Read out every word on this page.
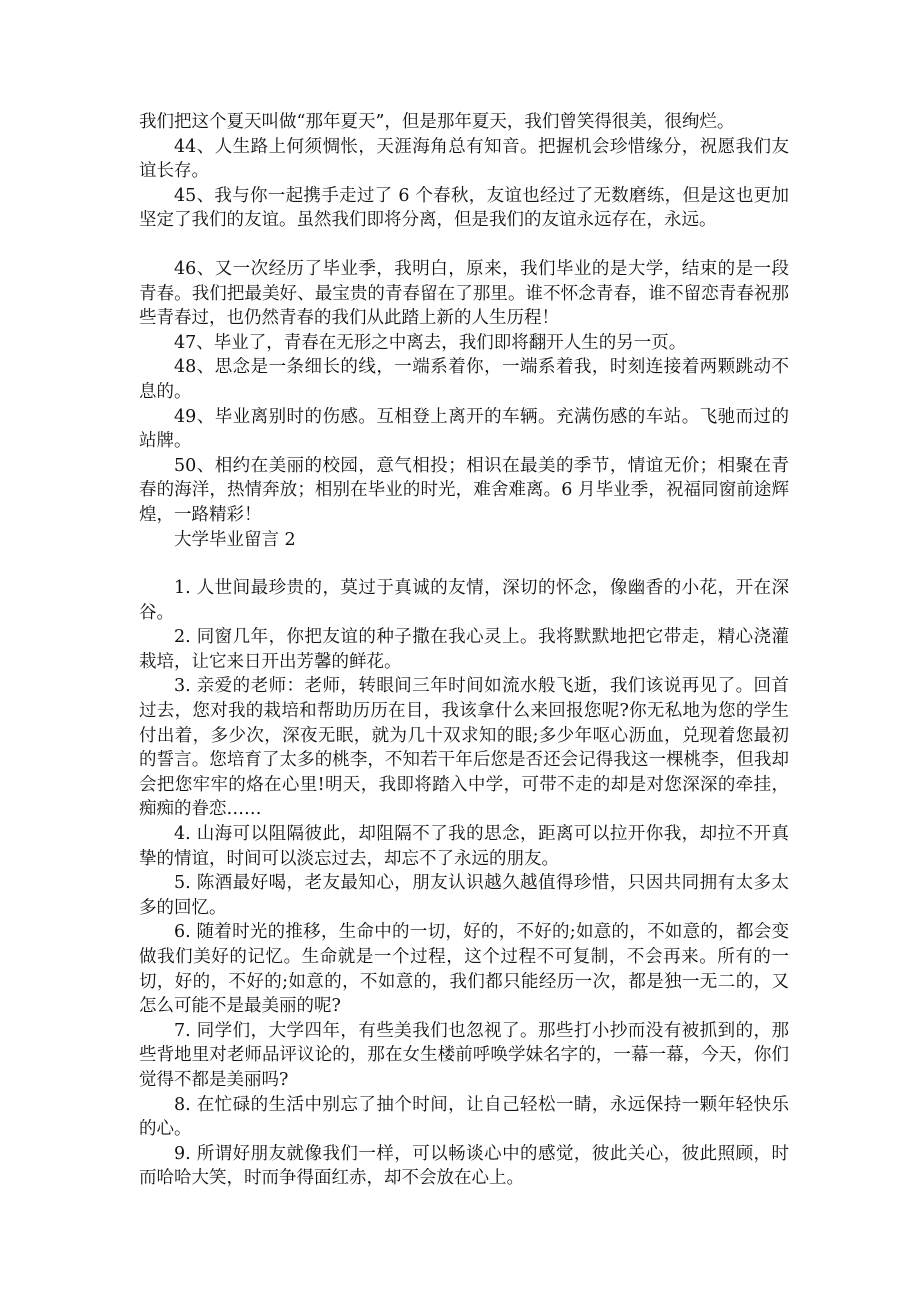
我们把这个夏天叫做“那年夏天”，但是那年夏天，我们曾笑得很美，很绚烂。

44、人生路上何须惆怅，天涯海角总有知音。把握机会珍惜缘分，祝愿我们友谊长存。

45、我与你一起携手走过了 6 个春秋，友谊也经过了无数磨练，但是这也更加坚定了我们的友谊。虽然我们即将分离，但是我们的友谊永远存在，永远。

46、又一次经历了毕业季，我明白，原来，我们毕业的是大学，结束的是一段青春。我们把最美好、最宝贵的青春留在了那里。谁不怀念青春，谁不留恋青春祝那些青春过，也仍然青春的我们从此踏上新的人生历程！

47、毕业了，青春在无形之中离去，我们即将翻开人生的另一页。

48、思念是一条细长的线，一端系着你，一端系着我，时刻连接着两颗跳动不息的。

49、毕业离别时的伤感。互相登上离开的车辆。充满伤感的车站。飞驰而过的站牌。

50、相约在美丽的校园，意气相投；相识在最美的季节，情谊无价；相聚在青春的海洋，热情奔放；相别在毕业的时光，难舍难离。6 月毕业季，祝福同窗前途辉煌，一路精彩！

大学毕业留言 2

1. 人世间最珍贵的，莫过于真诚的友情，深切的怀念，像幽香的小花，开在深谷。

2. 同窗几年，你把友谊的种子撒在我心灵上。我将默默地把它带走，精心浇灌栽培，让它来日开出芳馨的鲜花。

3. 亲爱的老师：老师，转眼间三年时间如流水般飞逝，我们该说再见了。回首过去，您对我的栽培和帮助历历在目，我该拿什么来回报您呢?你无私地为您的学生付出着，多少次，深夜无眠，就为几十双求知的眼;多少年呕心沥血，兑现着您最初的誓言。您培育了太多的桃李，不知若干年后您是否还会记得我这一棵桃李，但我却会把您牢牢的烙在心里!明天，我即将踏入中学，可带不走的却是对您深深的牵挂，痴痴的眷恋……

4. 山海可以阻隔彼此，却阻隔不了我的思念，距离可以拉开你我，却拉不开真挚的情谊，时间可以淡忘过去，却忘不了永远的朋友。

5. 陈酒最好喝，老友最知心，朋友认识越久越值得珍惜，只因共同拥有太多太多的回忆。

6. 随着时光的推移，生命中的一切，好的，不好的;如意的，不如意的，都会变做我们美好的记忆。生命就是一个过程，这个过程不可复制，不会再来。所有的一切，好的，不好的;如意的，不如意的，我们都只能经历一次，都是独一无二的，又怎么可能不是最美丽的呢?

7. 同学们，大学四年，有些美我们也忽视了。那些打小抄而没有被抓到的，那些背地里对老师品评议论的，那在女生楼前呼唤学妹名字的，一幕一幕，今天，你们觉得不都是美丽吗?

8. 在忙碌的生活中别忘了抽个时间，让自己轻松一睛，永远保持一颗年轻快乐的心。

9. 所谓好朋友就像我们一样，可以畅谈心中的感觉，彼此关心，彼此照顾，时而哈哈大笑，时而争得面红赤，却不会放在心上。
